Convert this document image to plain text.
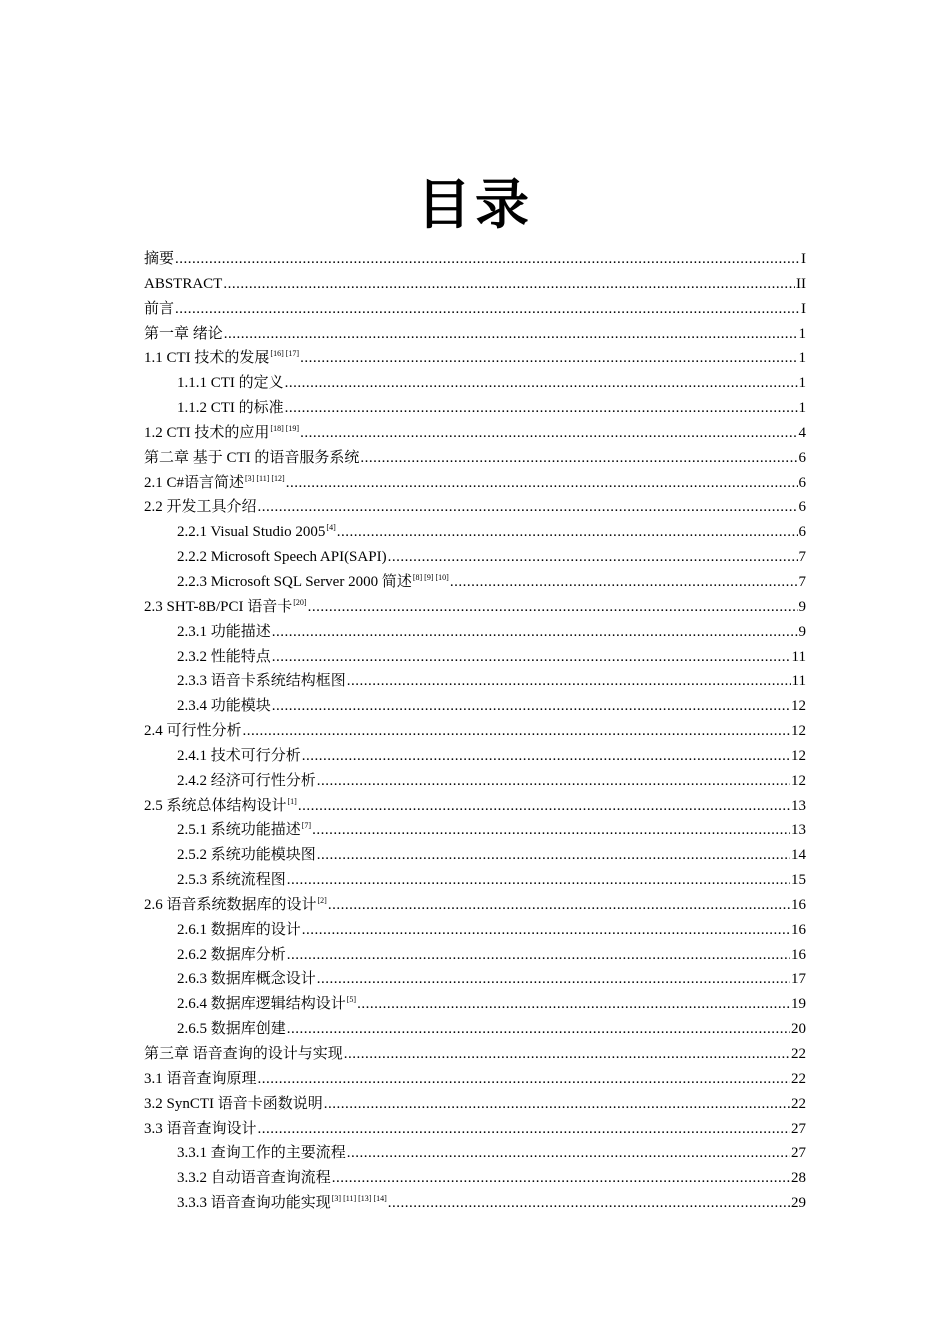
目录
摘要 .....	I
ABSTRACT .....	II
前言 .....	I
第一章 绪论 .....	1
1.1 CTI 技术的发展[16] [17] .....	1
1.1.1 CTI 的定义 .....	1
1.1.2 CTI 的标准 .....	1
1.2 CTI 技术的应用[18] [19] .....	4
第二章 基于 CTI 的语音服务系统 .....	6
2.1 C#语言简述[3] [11] [12] .....	6
2.2 开发工具介绍 .....	6
2.2.1 Visual Studio 2005[4] .....	6
2.2.2 Microsoft Speech API(SAPI) .....	7
2.2.3 Microsoft SQL Server 2000 简述[8] [9] [10] .....	7
2.3 SHT-8B/PCI 语音卡[20] .....	9
2.3.1 功能描述 .....	9
2.3.2 性能特点 .....	11
2.3.3 语音卡系统结构框图 .....	11
2.3.4 功能模块 .....	12
2.4 可行性分析 .....	12
2.4.1 技术可行分析 .....	12
2.4.2 经济可行性分析 .....	12
2.5 系统总体结构设计[1] .....	13
2.5.1 系统功能描述[7] .....	13
2.5.2 系统功能模块图 .....	14
2.5.3 系统流程图 .....	15
2.6 语音系统数据库的设计[2] .....	16
2.6.1 数据库的设计 .....	16
2.6.2 数据库分析 .....	16
2.6.3 数据库概念设计 .....	17
2.6.4 数据库逻辑结构设计[5] .....	19
2.6.5 数据库创建 .....	20
第三章 语音查询的设计与实现 .....	22
3.1 语音查询原理 .....	22
3.2 SynCTI 语音卡函数说明 .....	22
3.3 语音查询设计 .....	27
3.3.1 查询工作的主要流程 .....	27
3.3.2 自动语音查询流程 .....	28
3.3.3 语音查询功能实现[3] [11] [13] [14] .....	29
